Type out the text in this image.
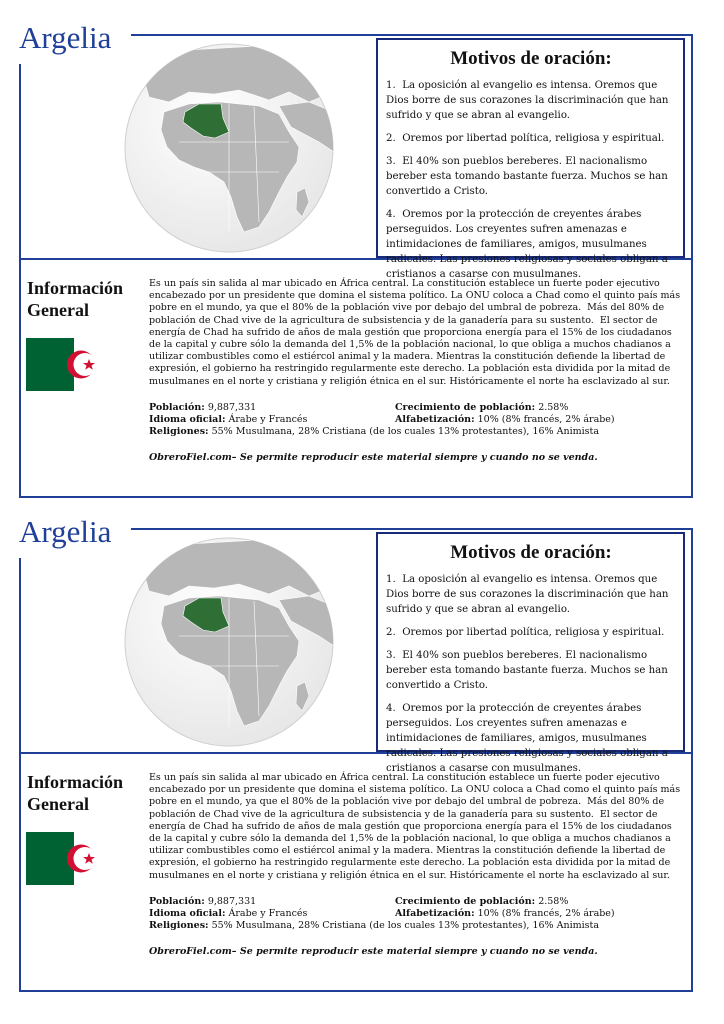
Argelia
Motivos de oración:

1.  La oposición al evangelio es intensa. Oremos que Dios borre de sus corazones la discriminación que han sufrido y que se abran al evangelio.

2.  Oremos por libertad política, religiosa y espiritual.

3.  El 40% son pueblos bereberes. El nacionalismo bereber esta tomando bastante fuerza. Muchos se han convertido a Cristo.

4.  Oremos por la protección de creyentes árabes perseguidos. Los creyentes sufren amenazas e intimidaciones de familiares, amigos, musulmanes radicales. Las presiones religiosas y sociales obligan a cristianos a casarse con musulmanes.

Información General

Es un país sin salida al mar ubicado en África central. La constitución establece un fuerte poder ejecutivo encabezado por un presidente que domina el sistema político. La ONU coloca a Chad como el quinto país más pobre en el mundo, ya que el 80% de la población vive por debajo del umbral de pobreza.  Más del 80% de población de Chad vive de la agricultura de subsistencia y de la ganadería para su sustento.  El sector de energía de Chad ha sufrido de años de mala gestión que proporciona energía para el 15% de los ciudadanos de la capital y cubre sólo la demanda del 1,5% de la población nacional, lo que obliga a muchos chadianos a utilizar combustibles como el estiércol animal y la madera. Mientras la constitución defiende la libertad de expresión, el gobierno ha restringido regularmente este derecho. La población esta dividida por la mitad de musulmanes en el norte y cristiana y religión étnica en el sur. Históricamente el norte ha esclavizado al sur.

Población: 9,887,331	Crecimiento de población: 2.58%
Idioma oficial: Árabe y Francés	Alfabetización: 10% (8% francés, 2% árabe)
Religiones: 55% Musulmana, 28% Cristiana (de los cuales 13% protestantes), 16% Animista
ObreroFiel.com– Se permite reproducir este material siempre y cuando no se venda.
Argelia
Motivos de oración:

1.  La oposición al evangelio es intensa. Oremos que Dios borre de sus corazones la discriminación que han sufrido y que se abran al evangelio.

2.  Oremos por libertad política, religiosa y espiritual.

3.  El 40% son pueblos bereberes. El nacionalismo bereber esta tomando bastante fuerza. Muchos se han convertido a Cristo.

4.  Oremos por la protección de creyentes árabes perseguidos. Los creyentes sufren amenazas e intimidaciones de familiares, amigos, musulmanes radicales. Las presiones religiosas y sociales obligan a cristianos a casarse con musulmanes.

Información General

Es un país sin salida al mar ubicado en África central. La constitución establece un fuerte poder ejecutivo encabezado por un presidente que domina el sistema político. La ONU coloca a Chad como el quinto país más pobre en el mundo, ya que el 80% de la población vive por debajo del umbral de pobreza.  Más del 80% de población de Chad vive de la agricultura de subsistencia y de la ganadería para su sustento.  El sector de energía de Chad ha sufrido de años de mala gestión que proporciona energía para el 15% de los ciudadanos de la capital y cubre sólo la demanda del 1,5% de la población nacional, lo que obliga a muchos chadianos a utilizar combustibles como el estiércol animal y la madera. Mientras la constitución defiende la libertad de expresión, el gobierno ha restringido regularmente este derecho. La población esta dividida por la mitad de musulmanes en el norte y cristiana y religión étnica en el sur. Históricamente el norte ha esclavizado al sur.

Población: 9,887,331	Crecimiento de población: 2.58%
Idioma oficial: Árabe y Francés	Alfabetización: 10% (8% francés, 2% árabe)
Religiones: 55% Musulmana, 28% Cristiana (de los cuales 13% protestantes), 16% Animista
ObreroFiel.com– Se permite reproducir este material siempre y cuando no se venda.
